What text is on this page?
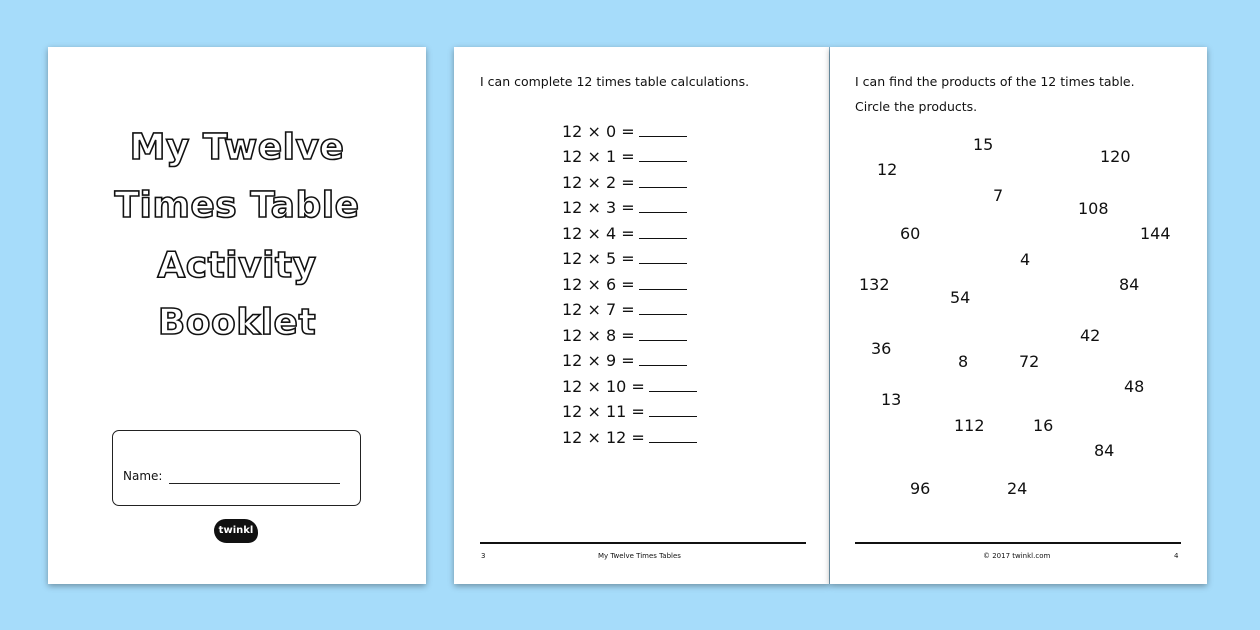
My Twelve
Times Table
Activity
Booklet
Name:
twinkl
I can complete 12 times table calculations.
12 × 0 =
12 × 1 =
12 × 2 =
12 × 3 =
12 × 4 =
12 × 5 =
12 × 6 =
12 × 7 =
12 × 8 =
12 × 9 =
12 × 10 =
12 × 11 =
12 × 12 =
3	My Twelve Times Tables
I can find the products of the 12 times table.
Circle the products.
15
120
12
7
108
60	144
4
132	84
54
42
36
8	72
48
13
112	16
84
96	24
© 2017 twinkl.com	4
